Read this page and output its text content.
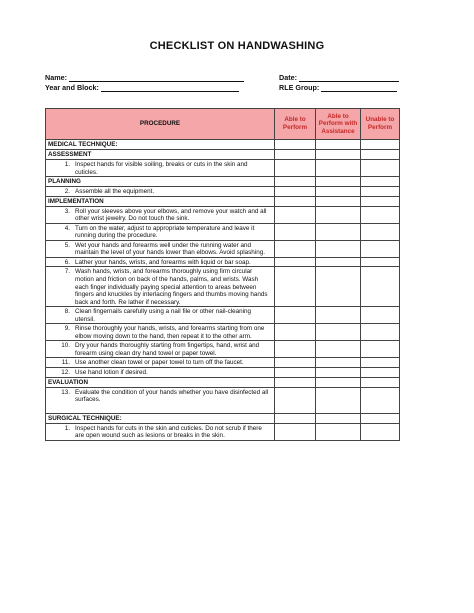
CHECKLIST ON HANDWASHING
Name:	Date:
Year and Block:	RLE Group:
PROCEDURE	Able to Perform	Able to Perform with Assistance	Unable to Perform
MEDICAL TECHNIQUE:			
ASSESSMENT			

1. Inspect hands for visible soiling, breaks or cuts in the skin and cuticles.			

PLANNING			

2. Assemble all the equipment.			

IMPLEMENTATION			

3. Roll your sleeves above your elbows, and remove your watch and all other wrist jewelry. Do not touch the sink.			

4. Turn on the water, adjust to appropriate temperature and leave it running during the procedure.			

5. Wet your hands and forearms well under the running water and maintain the level of your hands lower than elbows. Avoid splashing.			

6. Lather your hands, wrists, and forearms with liquid or bar soap.			

7. Wash hands, wrists, and forearms thoroughly using firm circular motion and friction on back of the hands, palms, and wrists. Wash each finger individually paying special attention to areas between fingers and knuckles by interlacing fingers and thumbs moving hands back and forth. Re lather if necessary.			

8. Clean fingernails carefully using a nail file or other nail-cleaning utensil.			

9. Rinse thoroughly your hands, wrists, and forearms starting from one elbow moving down to the hand, then repeat it to the other arm.			

10. Dry your hands thoroughly starting from fingertips, hand, wrist and forearm using clean dry hand towel or paper towel.			

11. Use another clean towel or paper towel to turn off the faucet.			

12. Use hand lotion if desired.			

EVALUATION			

13. Evaluate the condition of your hands whether you have disinfected all surfaces.			

SURGICAL TECHNIQUE:			

1. Inspect hands for cuts in the skin and cuticles. Do not scrub if there are open wound such as lesions or breaks in the skin.			
